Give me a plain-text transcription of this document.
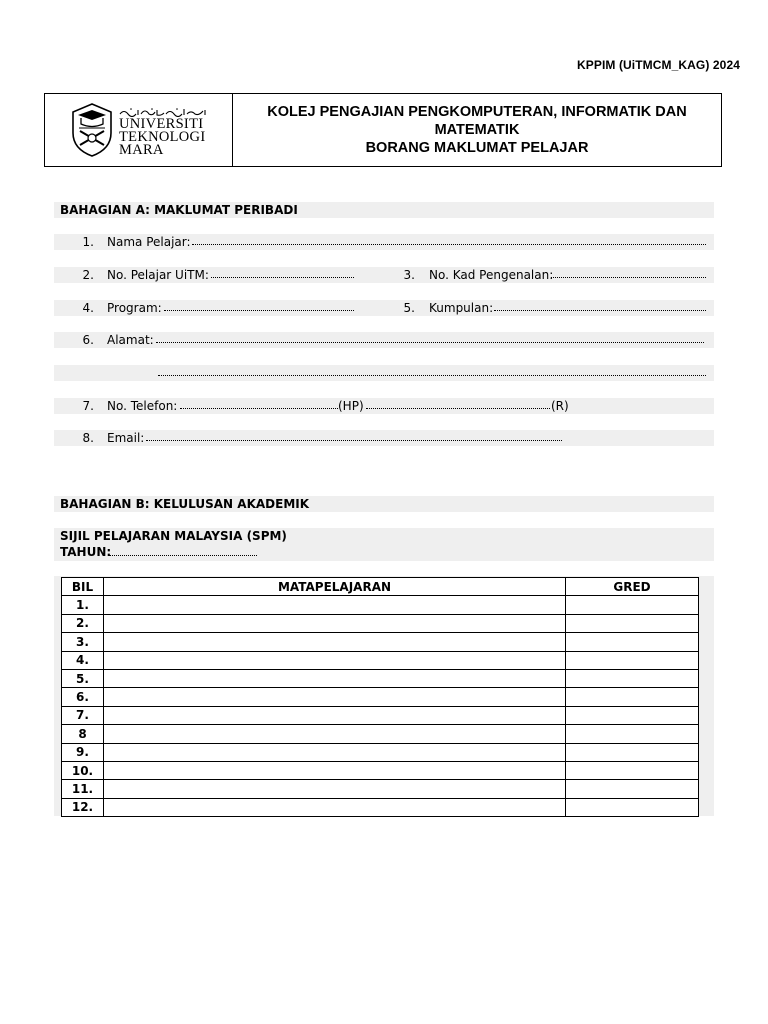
KPPIM (UiTMCM_KAG) 2024
UNIVERSITI
TEKNOLOGI
MARA
KOLEJ PENGAJIAN PENGKOMPUTERAN, INFORMATIK DAN
MATEMATIK
BORANG MAKLUMAT PELAJAR
BAHAGIAN A: MAKLUMAT PERIBADI
1. Nama Pelajar:
2. No. Pelajar UiTM:	3. No. Kad Pengenalan:
4. Program:	5. Kumpulan:
6. Alamat:
7. No. Telefon:	(HP)	(R)
8. Email:
BAHAGIAN B: KELULUSAN AKADEMIK
SIJIL PELAJARAN MALAYSIA (SPM)
TAHUN:
BIL	MATAPELAJARAN	GRED
1.		
2.		
3.		
4.		
5.		
6.		
7.		
8		
9.		
10.		
11.		
12.		
